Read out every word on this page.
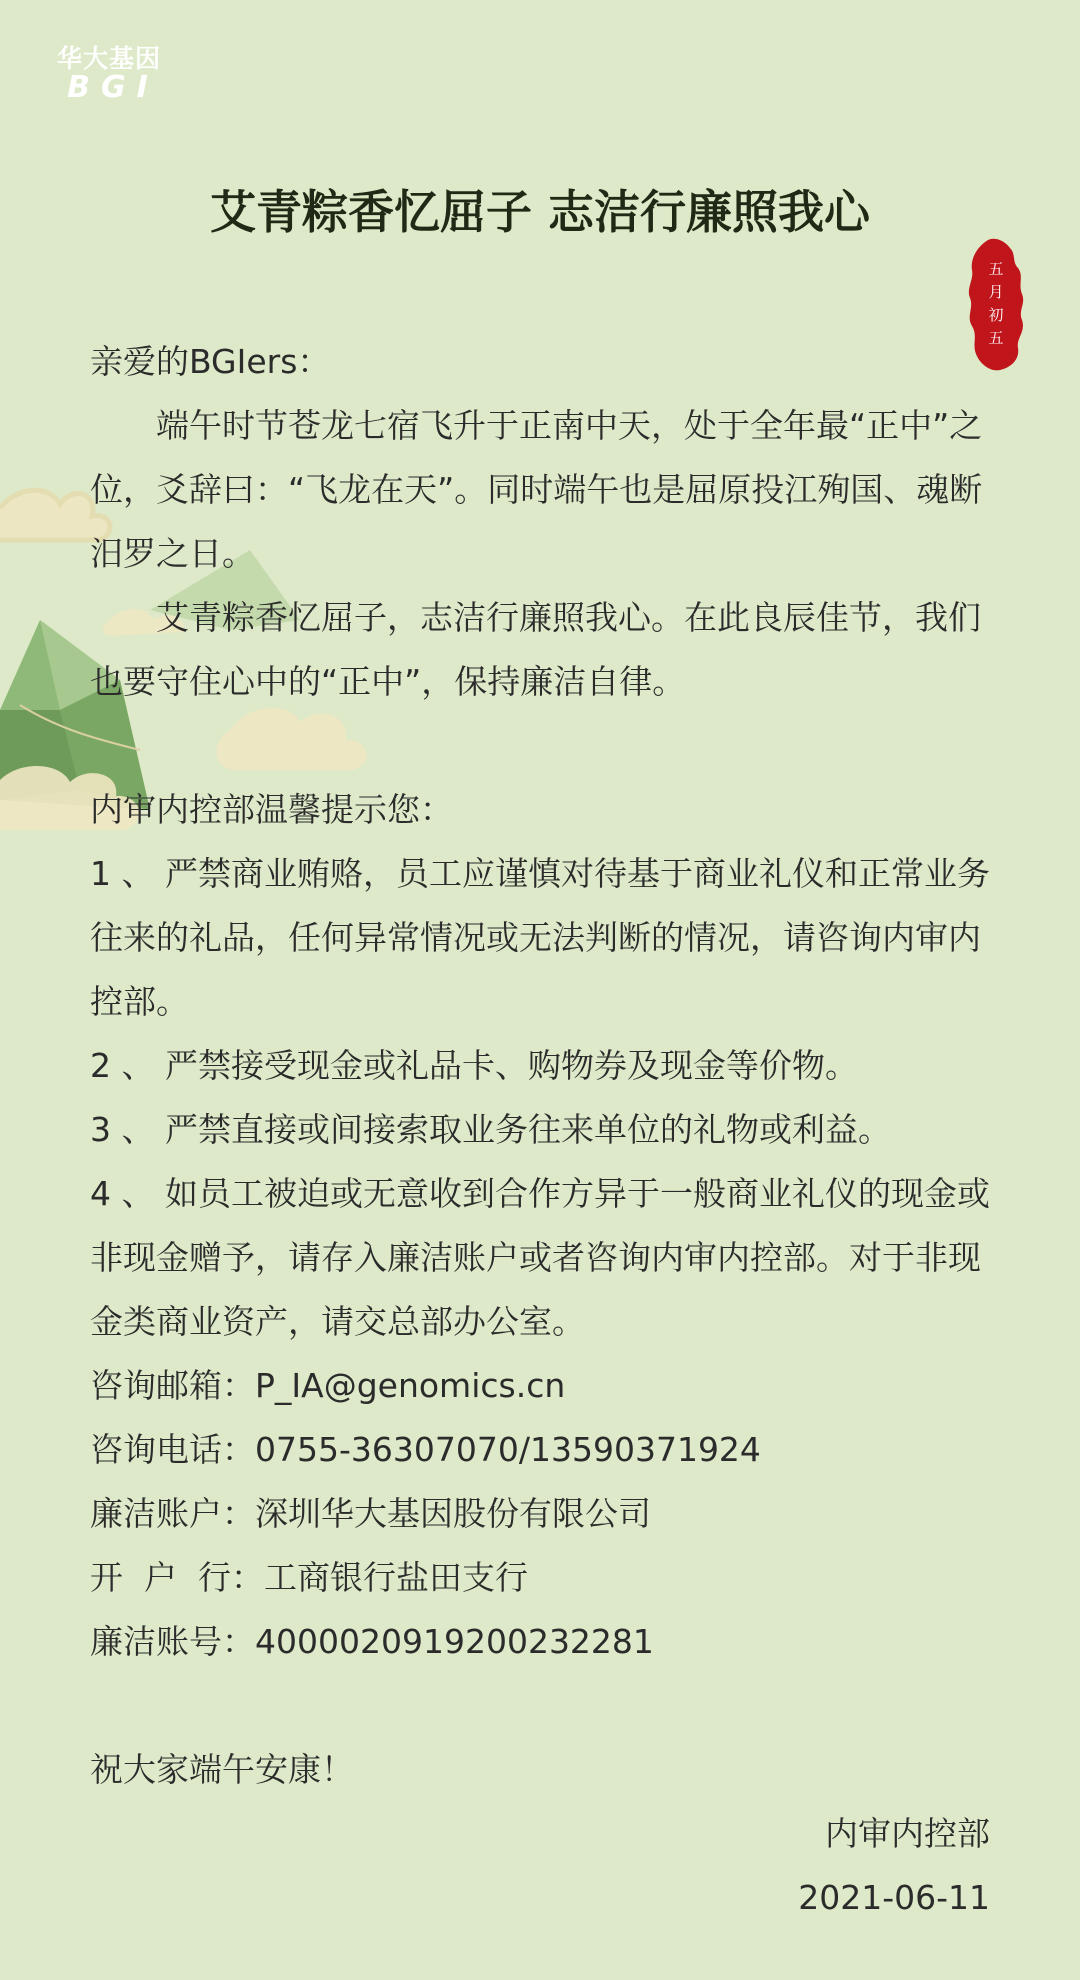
华大基因
BGI
艾青粽香忆屈子 志洁行廉照我心
五
月
初
五

亲爱的BGIers：

端午时节苍龙七宿飞升于正南中天，处于全年最“正中”之位，爻辞曰：“飞龙在天”。同时端午也是屈原投江殉国、魂断汨罗之日。

艾青粽香忆屈子，志洁行廉照我心。在此良辰佳节，我们也要守住心中的“正中”，保持廉洁自律。

内审内控部温馨提示您：

1 、 严禁商业贿赂，员工应谨慎对待基于商业礼仪和正常业务往来的礼品，任何异常情况或无法判断的情况，请咨询内审内控部。

2 、 严禁接受现金或礼品卡、购物券及现金等价物。

3 、 严禁直接或间接索取业务往来单位的礼物或利益。

4 、 如员工被迫或无意收到合作方异于一般商业礼仪的现金或非现金赠予，请存入廉洁账户或者咨询内审内控部。对于非现金类商业资产，请交总部办公室。

咨询邮箱：P_IA@genomics.cn

咨询电话：0755-36307070/13590371924

廉洁账户：深圳华大基因股份有限公司

开  户  行：工商银行盐田支行

廉洁账号：4000020919200232281

祝大家端午安康！

内审内控部

2021-06-11
